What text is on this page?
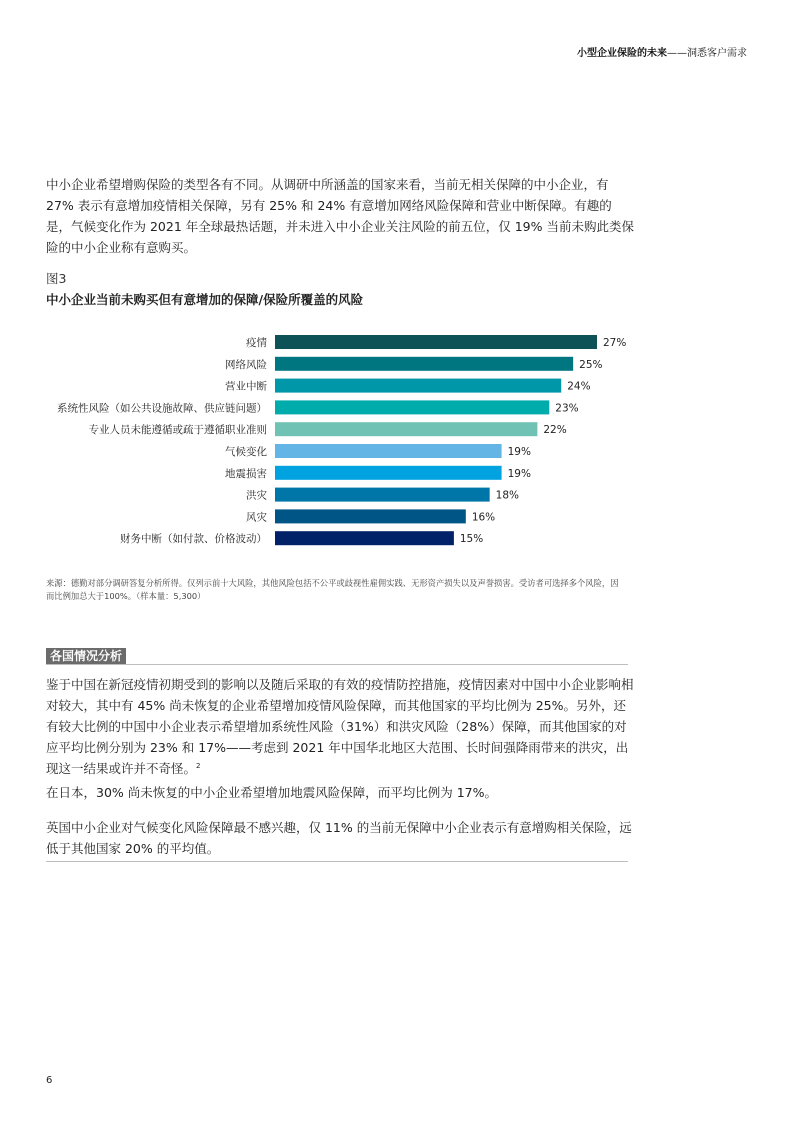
小型企业保险的未来——洞悉客户需求

中小企业希望增购保险的类型各有不同。从调研中所涵盖的国家来看，当前无相关保障的中小企业，有27% 表示有意增加疫情相关保障，另有 25% 和 24% 有意增加网络风险保障和营业中断保障。有趣的是，气候变化作为 2021 年全球最热话题，并未进入中小企业关注风险的前五位，仅 19% 当前未购此类保险的中小企业称有意购买。

图3
中小企业当前未购买但有意增加的保障/保险所覆盖的风险
疫情	27%
网络风险	25%
营业中断	24%
系统性风险（如公共设施故障、供应链问题）	23%
专业人员未能遵循或疏于遵循职业准则	22%
气候变化	19%
地震损害	19%
洪灾	18%
风灾	16%
财务中断（如付款、价格波动）	15%
来源：德勤对部分调研答复分析所得。仅列示前十大风险，其他风险包括不公平或歧视性雇佣实践、无形资产损失以及声誉损害。受访者可选择多个风险，因而比例加总大于100%。（样本量：5,300）
各国情况分析

鉴于中国在新冠疫情初期受到的影响以及随后采取的有效的疫情防控措施，疫情因素对中国中小企业影响相对较大，其中有 45% 尚未恢复的企业希望增加疫情风险保障，而其他国家的平均比例为 25%。另外，还有较大比例的中国中小企业表示希望增加系统性风险（31%）和洪灾风险（28%）保障，而其他国家的对应平均比例分别为 23% 和 17%——考虑到 2021 年中国华北地区大范围、长时间强降雨带来的洪灾，出现这一结果或许并不奇怪。$^2$

在日本，30% 尚未恢复的中小企业希望增加地震风险保障，而平均比例为 17%。

英国中小企业对气候变化风险保障最不感兴趣，仅 11% 的当前无保障中小企业表示有意增购相关保险，远低于其他国家 20% 的平均值。

6
